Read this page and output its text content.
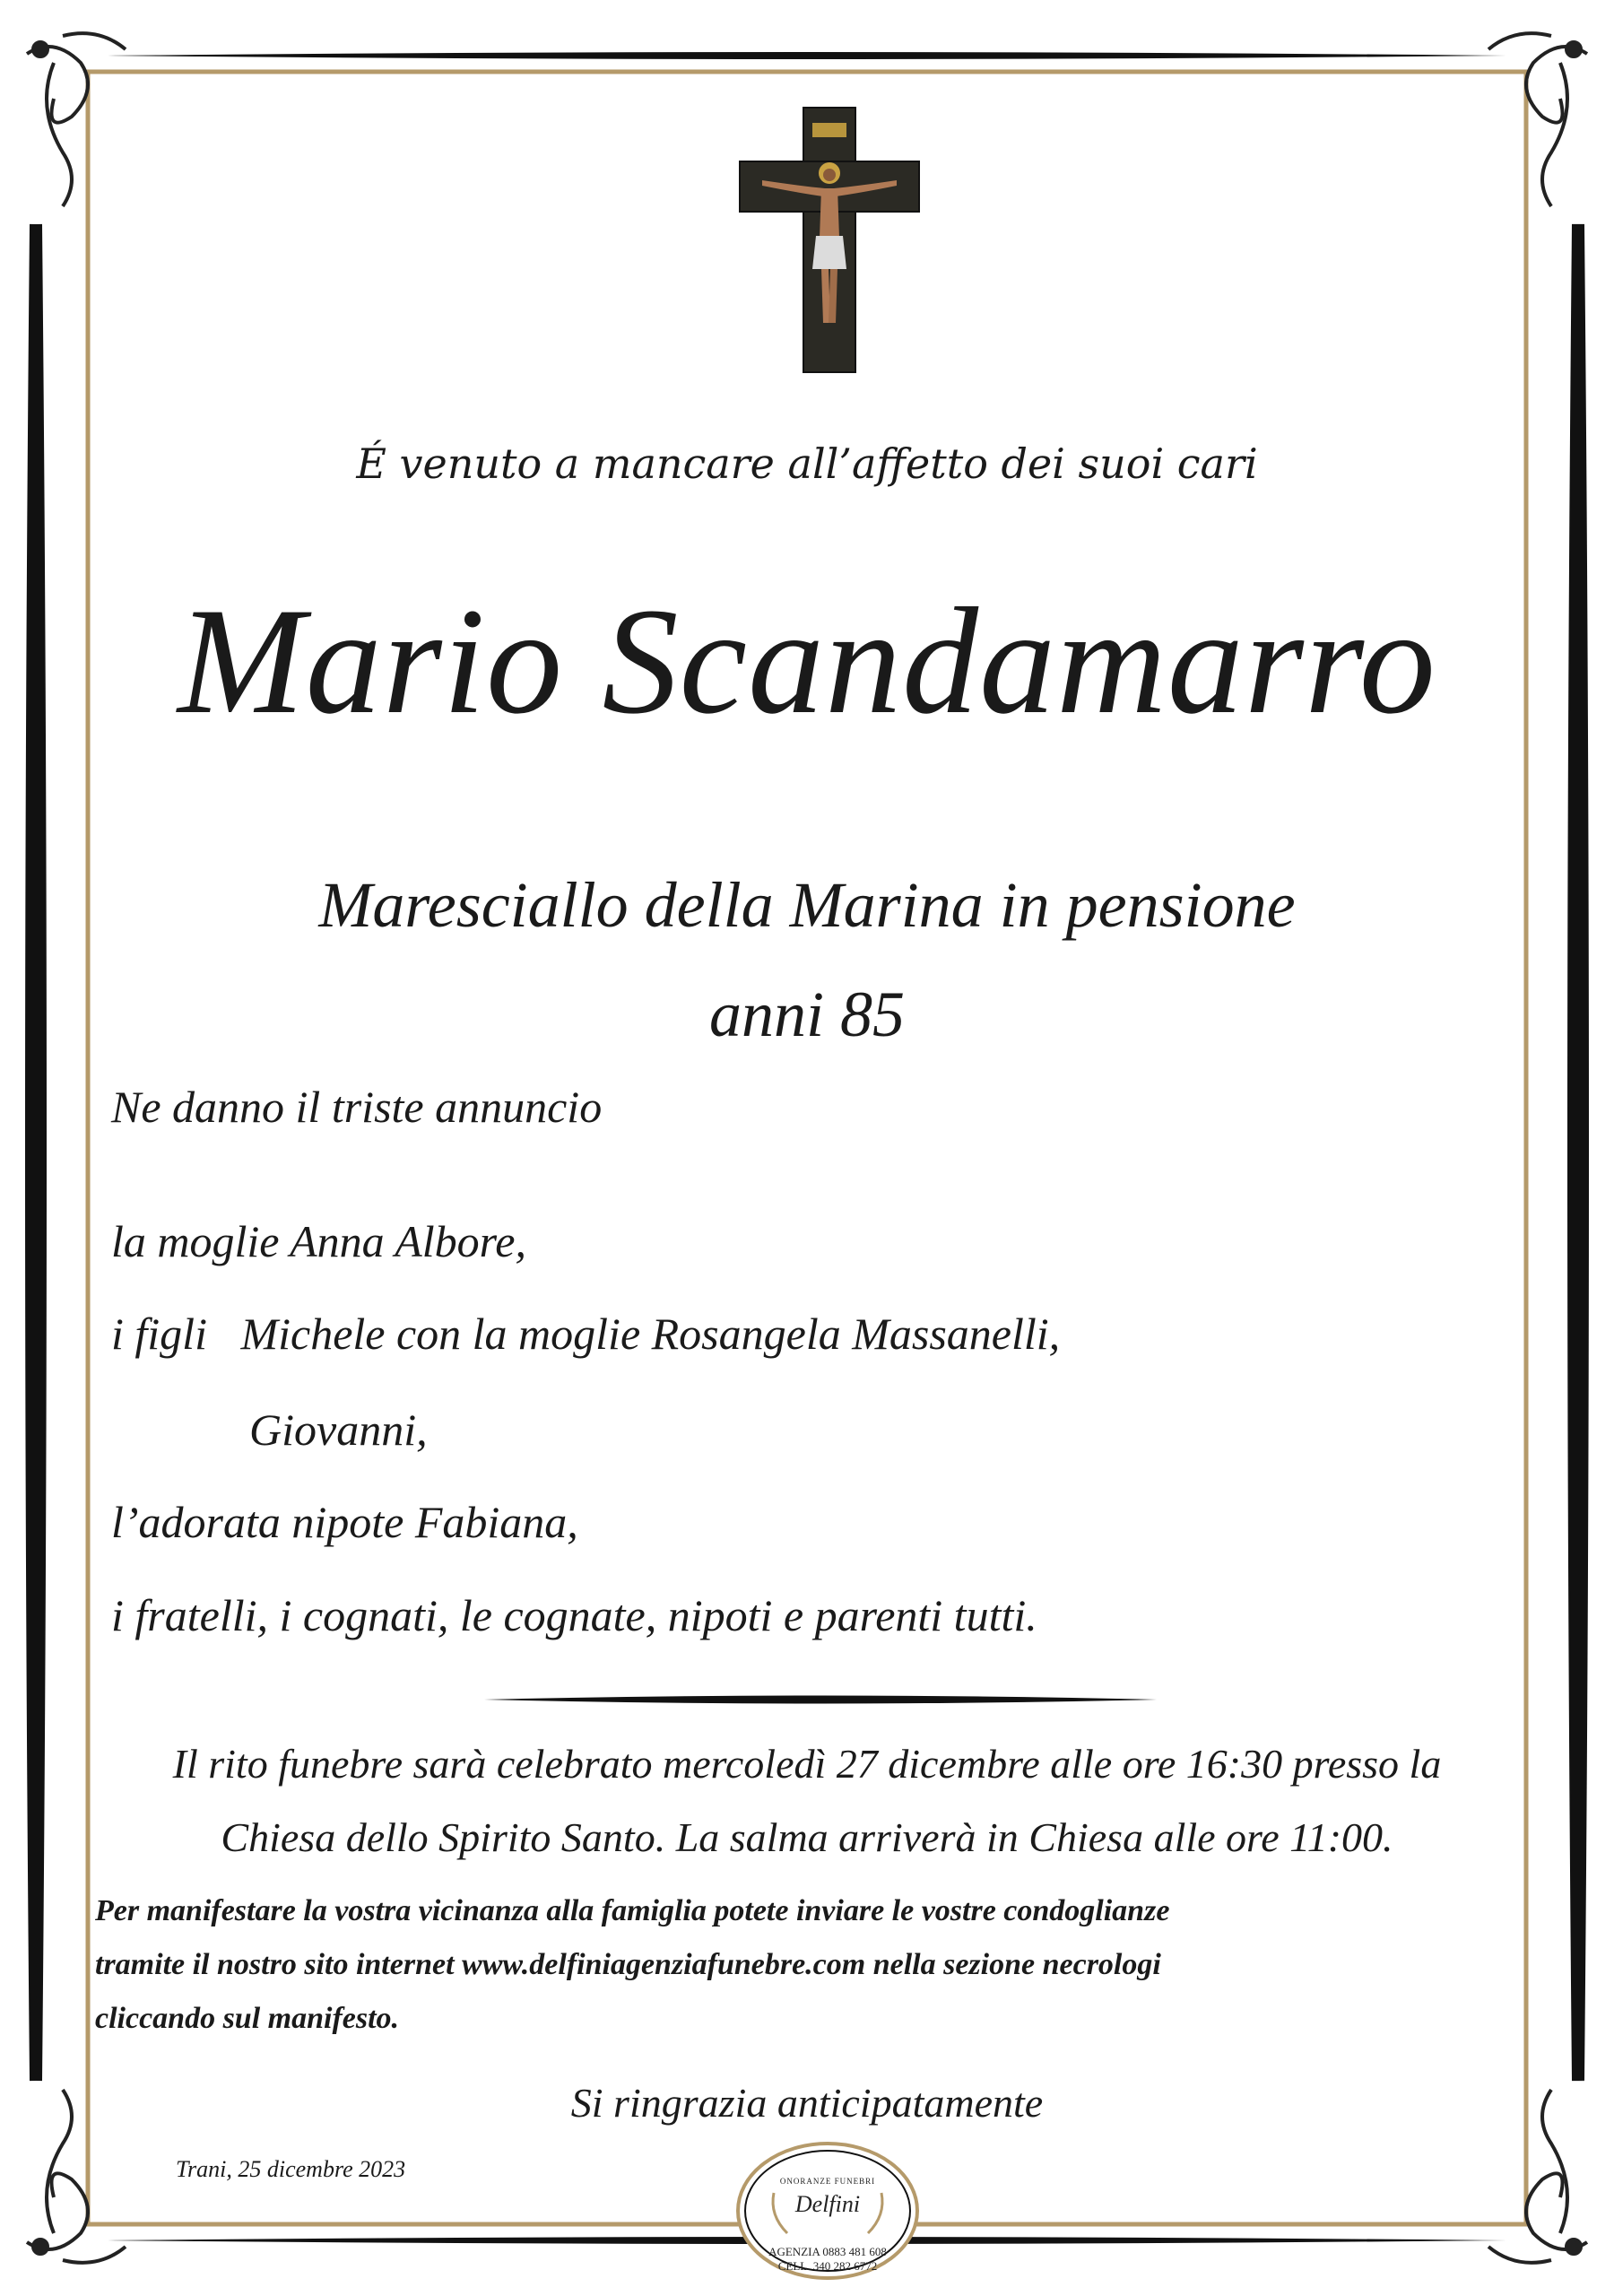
É venuto a mancare all’affetto dei suoi cari
Mario Scandamarro
Maresciallo della Marina in pensione
anni 85
Ne danno il triste annuncio
la moglie Anna Albore,
i figli   Michele con la moglie Rosangela Massanelli,
Giovanni,
l’adorata nipote Fabiana,
i fratelli, i cognati, le cognate, nipoti e parenti tutti.
Il rito funebre sarà celebrato mercoledì 27 dicembre alle ore 16:30 presso la
Chiesa dello Spirito Santo. La salma arriverà in Chiesa alle ore 11:00.
Per manifestare la vostra vicinanza alla famiglia potete inviare le vostre condoglianze
tramite il nostro sito internet www.delfiniagenziafunebre.com nella sezione necrologi
cliccando sul manifesto.
Si ringrazia anticipatamente
Trani, 25 dicembre 2023	ONORANZE FUNEBRI
Delfini
AGENZIA 0883 481 608
CELL. 340 282 6772
